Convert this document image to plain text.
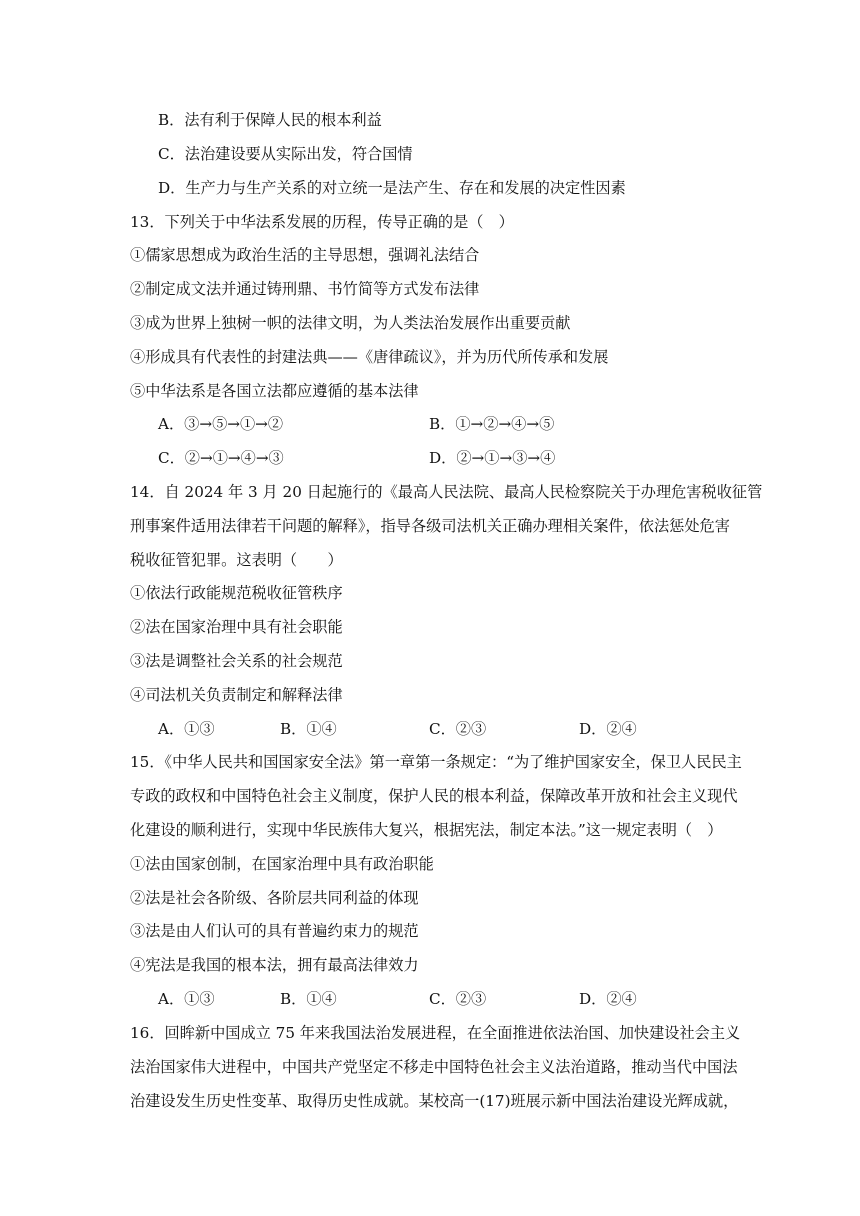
B．法有利于保障人民的根本利益
C．法治建设要从实际出发，符合国情
D．生产力与生产关系的对立统一是法产生、存在和发展的决定性因素
13．下列关于中华法系发展的历程，传导正确的是（　）
①儒家思想成为政治生活的主导思想，强调礼法结合
②制定成文法并通过铸刑鼎、书竹简等方式发布法律
③成为世界上独树一帜的法律文明，为人类法治发展作出重要贡献
④形成具有代表性的封建法典——《唐律疏议》，并为历代所传承和发展
⑤中华法系是各国立法都应遵循的基本法律
A．③→⑤→①→②	B．①→②→④→⑤
C．②→①→④→③	D．②→①→③→④
14．自 2024 年 3 月 20 日起施行的《最高人民法院、最高人民检察院关于办理危害税收征管
刑事案件适用法律若干问题的解释》，指导各级司法机关正确办理相关案件，依法惩处危害
税收征管犯罪。这表明（　　）
①依法行政能规范税收征管秩序
②法在国家治理中具有社会职能
③法是调整社会关系的社会规范
④司法机关负责制定和解释法律
A．①③	B．①④	C．②③	D．②④
15．《中华人民共和国国家安全法》第一章第一条规定：“为了维护国家安全，保卫人民民主
专政的政权和中国特色社会主义制度，保护人民的根本利益，保障改革开放和社会主义现代
化建设的顺利进行，实现中华民族伟大复兴，根据宪法，制定本法。”这一规定表明（　）
①法由国家创制，在国家治理中具有政治职能
②法是社会各阶级、各阶层共同利益的体现
③法是由人们认可的具有普遍约束力的规范
④宪法是我国的根本法，拥有最高法律效力
A．①③	B．①④	C．②③	D．②④
16．回眸新中国成立 75 年来我国法治发展进程，在全面推进依法治国、加快建设社会主义
法治国家伟大进程中，中国共产党坚定不移走中国特色社会主义法治道路，推动当代中国法
治建设发生历史性变革、取得历史性成就。某校高一(17)班展示新中国法治建设光辉成就，
